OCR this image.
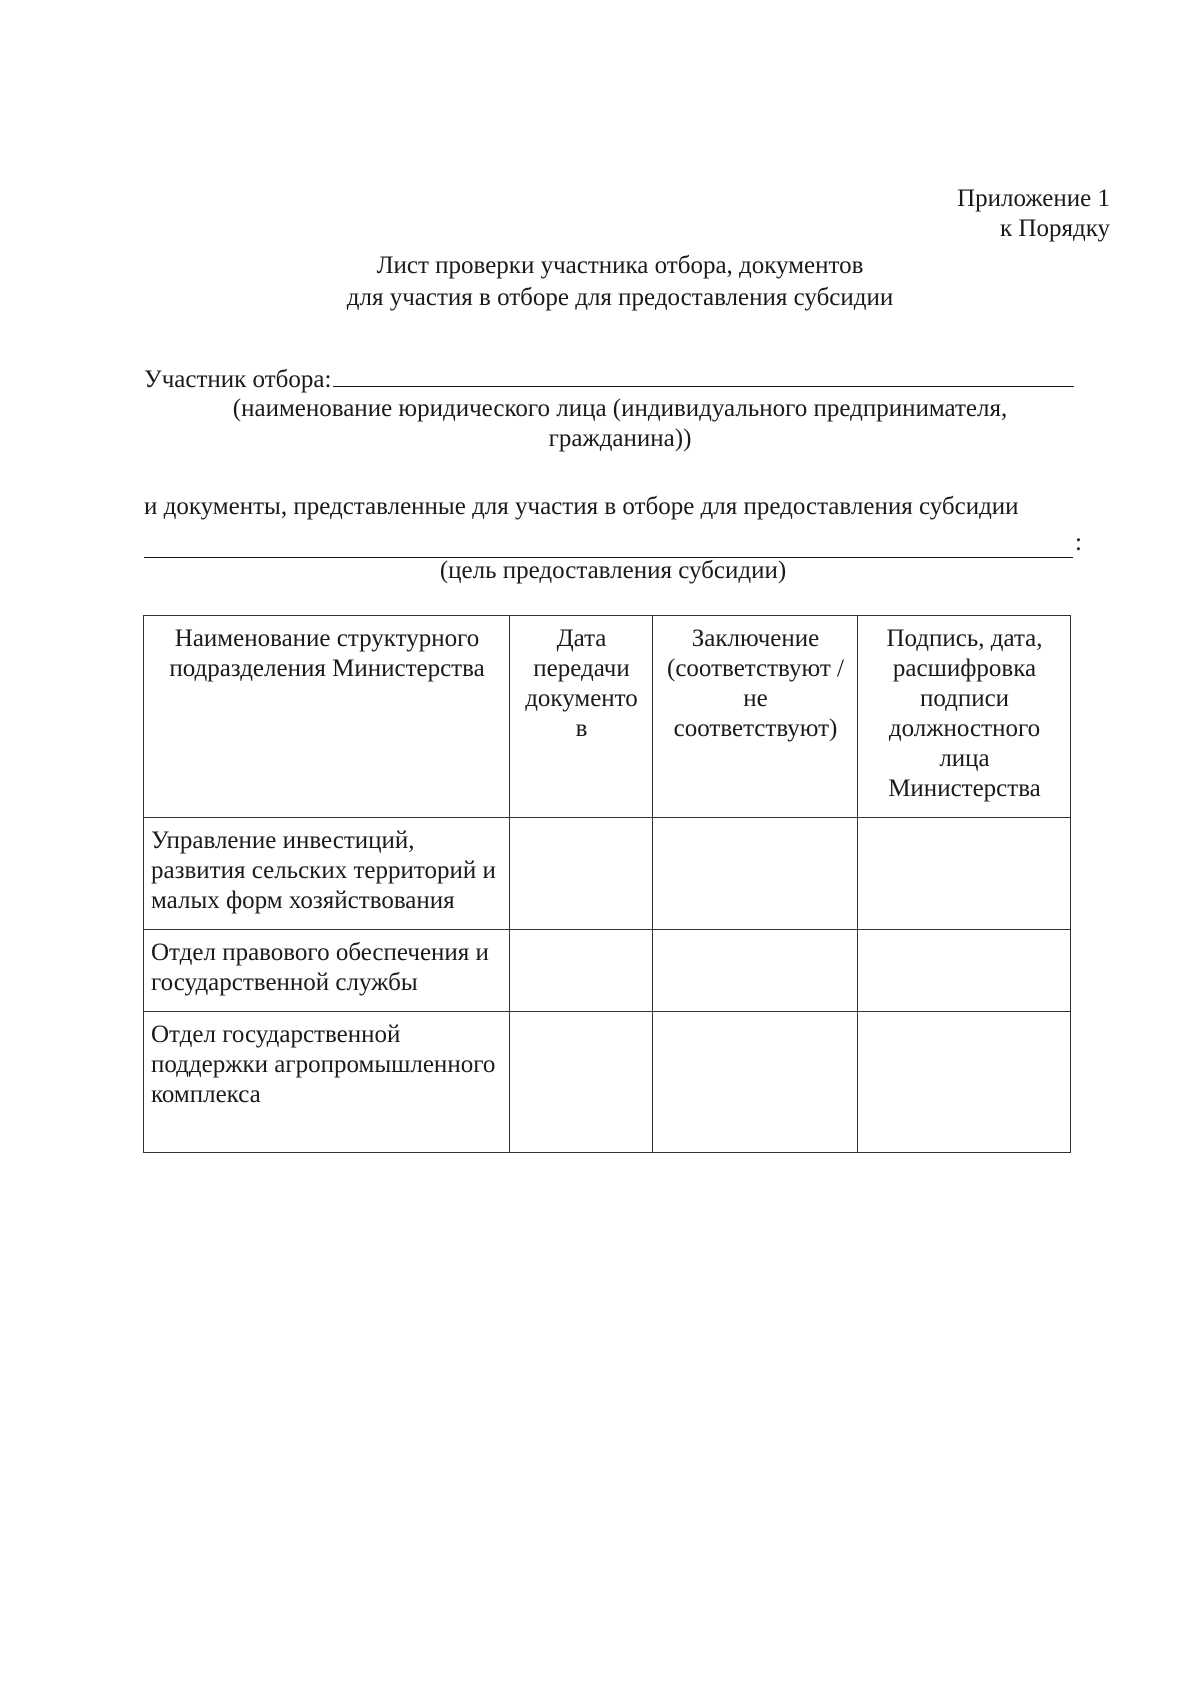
Приложение 1
к Порядку
Лист проверки участника отбора, документов
для участия в отборе для предоставления субсидии
Участник отбора:
(наименование юридического лица (индивидуального предпринимателя,
гражданина))
и документы, представленные для участия в отборе для предоставления субсидии
:
(цель предоставления субсидии)
Наименование структурного подразделения Министерства	Дата передачи документо в	Заключение (соответствуют / не соответствуют)	Подпись, дата, расшифровка подписи должностного лица Министерства
Управление инвестиций, развития сельских территорий и малых форм хозяйствования			
Отдел правового обеспечения и государственной службы			
Отдел государственной поддержки агропромышленного комплекса			
